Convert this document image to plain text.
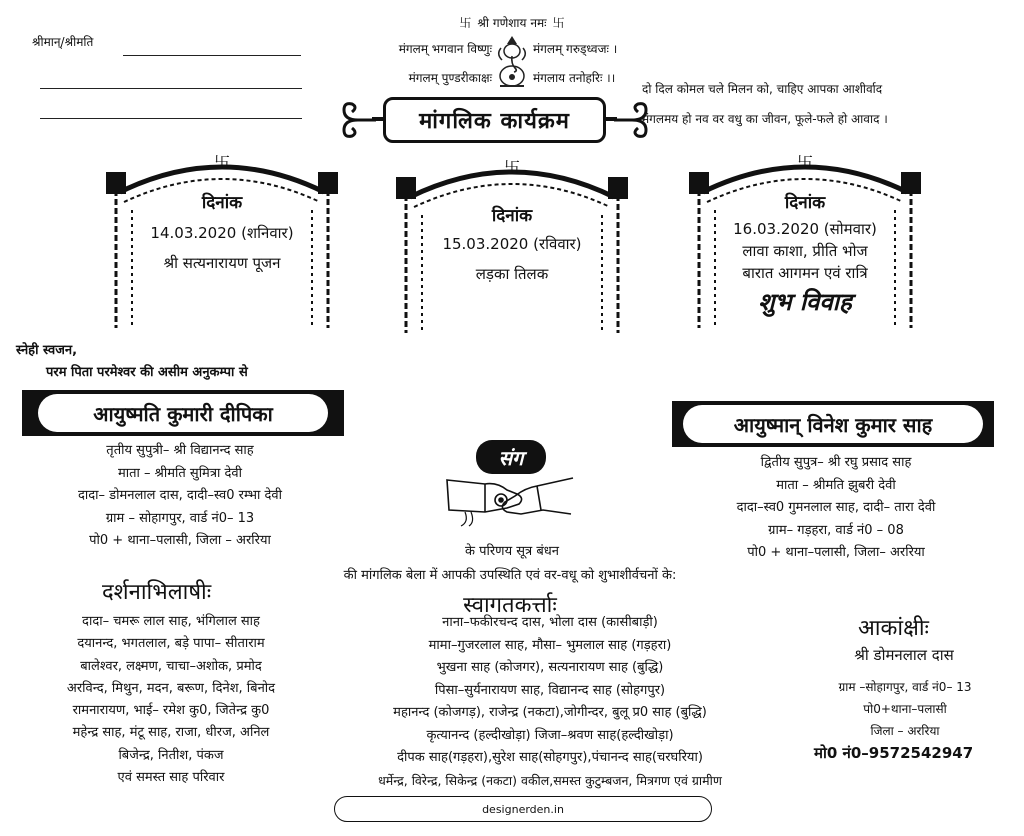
श्रीमान्/श्रीमति
卐 श्री गणेशाय नमः 卐
मंगलम् भगवान विष्णुः	मंगलम् गरुड्ध्वजः ।
मंगलम् पुण्डरीकाक्षः	मंगलाय तनोहरिः ।।
दो दिल कोमल चले मिलन को, चाहिए आपका आशीर्वाद
मंगलमय हो नव वर वधु का जीवन, फूले-फले हो आवाद ।
मांगलिक कार्यक्रम
卐	卐	卐
दिनांक
14.03.2020 (शनिवार)
श्री सत्यनारायण पूजन
दिनांक
15.03.2020 (रविवार)
लड़का तिलक
दिनांक
16.03.2020 (सोमवार)
लावा काशा, प्रीति भोज
बारात आगमन एवं रात्रि
शुभ विवाह
स्नेही स्वजन,
परम पिता परमेश्वर की असीम अनुकम्पा से
आयुष्मति कुमारी दीपिका

तृतीय सुपुत्री– श्री विद्यानन्द साह

माता – श्रीमति सुमित्रा देवी

दादा– डोमनलाल दास, दादी–स्व0 रम्भा देवी

ग्राम – सोहागपुर, वार्ड नं0– 13

पो0 + थाना–पलासी, जिला – अररिया

आयुष्मान् विनेश कुमार साह

द्वितीय सुपुत्र– श्री रघु प्रसाद साह

माता – श्रीमति झुबरी देवी

दादा–स्व0 गुमनलाल साह, दादी– तारा देवी

ग्राम– गड़हरा, वार्ड नं0 – 08

पो0 + थाना–पलासी, जिला– अररिया

संग
के परिणय सूत्र बंधन
की मांगलिक बेला में आपकी उपस्थिति एवं वर-वधू को शुभाशीर्वचनों के:
दर्शनाभिलाषीः

दादा– चमरू लाल साह, भंगिलाल साह

दयानन्द, भगतलाल, बड़े पापा– सीताराम

बालेश्वर, लक्ष्मण, चाचा–अशोक, प्रमोद

अरविन्द, मिथुन, मदन, बरूण, दिनेश, बिनोद

रामनारायण, भाई– रमेश कु0, जितेन्द्र कु0

महेन्द्र साह, मंटू साह, राजा, धीरज, अनिल

बिजेन्द्र, नितीश, पंकज

एवं समस्त साह परिवार

स्वागतकर्त्ताः

नाना–फकीरचन्द दास, भोला दास (कासीबाड़ी)

मामा–गुजरलाल साह, मौसा– भुमलाल साह (गड़हरा)

भुखना साह (कोजगर), सत्यनारायण साह (बुद्धि)

पिसा–सुर्यनारायण साह, विद्यानन्द साह (सोहगपुर)

महानन्द (कोजगड़), राजेन्द्र (नकटा),जोगीन्दर, बुलू प्र0 साह (बुद्धि)

कृत्यानन्द (हल्दीखोड़ा) जिजा–श्रवण साह(हल्दीखोड़ा)

दीपक साह(गड़हरा),सुरेश साह(सोहगपुर),पंचानन्द साह(चरघरिया)

धर्मेन्द्र, विरेन्द्र, सिकेन्द्र (नकटा) वकील,समस्त कुटुम्बजन, मित्रगण एवं ग्रामीण

आकांक्षीः
श्री डोमनलाल दास

ग्राम –सोहागपुर, वार्ड नं0– 13

पो0+थाना–पलासी

जिला – अररिया

मो0 नं0–9572542947
designerden.in
